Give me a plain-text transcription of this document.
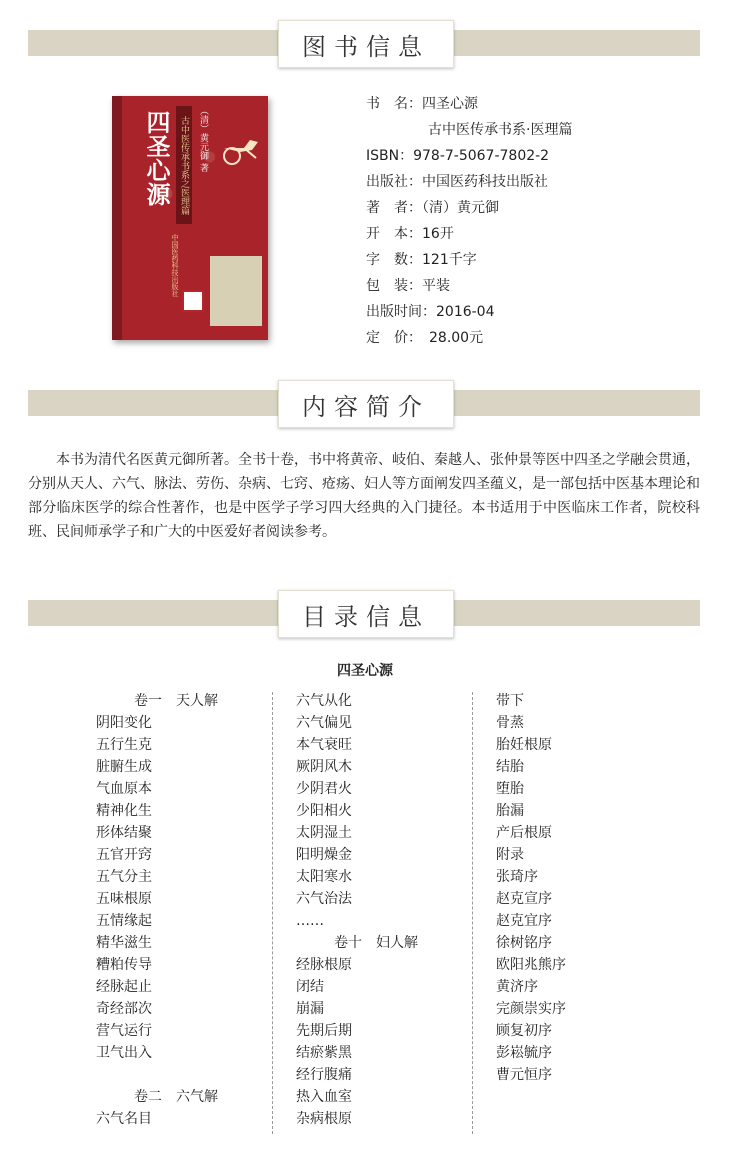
图书信息
四圣心源 古中医传承书系之医理篇	（清）黄元御 著
中国医药科技出版社
书　名：四圣心源
古中医传承书系·医理篇
ISBN：978-7-5067-7802-2
出版社：中国医药科技出版社
著　者：（清）黄元御
开　本：16开
字　数：121千字
包　装：平装
出版时间：2016-04
定　价：　28.00元
内容简介

本书为清代名医黄元御所著。全书十卷，书中将黄帝、岐伯、秦越人、张仲景等医中四圣之学融会贯通，分别从天人、六气、脉法、劳伤、杂病、七窍、疮疡、妇人等方面阐发四圣蕴义，是一部包括中医基本理论和部分临床医学的综合性著作，也是中医学子学习四大经典的入门捷径。本书适用于中医临床工作者，院校科班、民间师承学子和广大的中医爱好者阅读参考。

目录信息
四圣心源
卷一　天人解
阴阳变化
五行生克
脏腑生成
气血原本
精神化生
形体结聚
五官开窍
五气分主
五味根原
五情缘起
精华滋生
糟粕传导
经脉起止
奇经部次
营气运行
卫气出入
卷二　六气解
六气名目
六气从化
六气偏见
本气衰旺
厥阴风木
少阴君火
少阳相火
太阴湿土
阳明燥金
太阳寒水
六气治法
……
卷十　妇人解
经脉根原
闭结
崩漏
先期后期
结瘀紫黑
经行腹痛
热入血室
杂病根原
带下
骨蒸
胎妊根原
结胎
堕胎
胎漏
产后根原
附录
张琦序
赵克宣序
赵克宜序
徐树铭序
欧阳兆熊序
黄济序
完颜崇实序
顾复初序
彭崧毓序
曹元恒序
